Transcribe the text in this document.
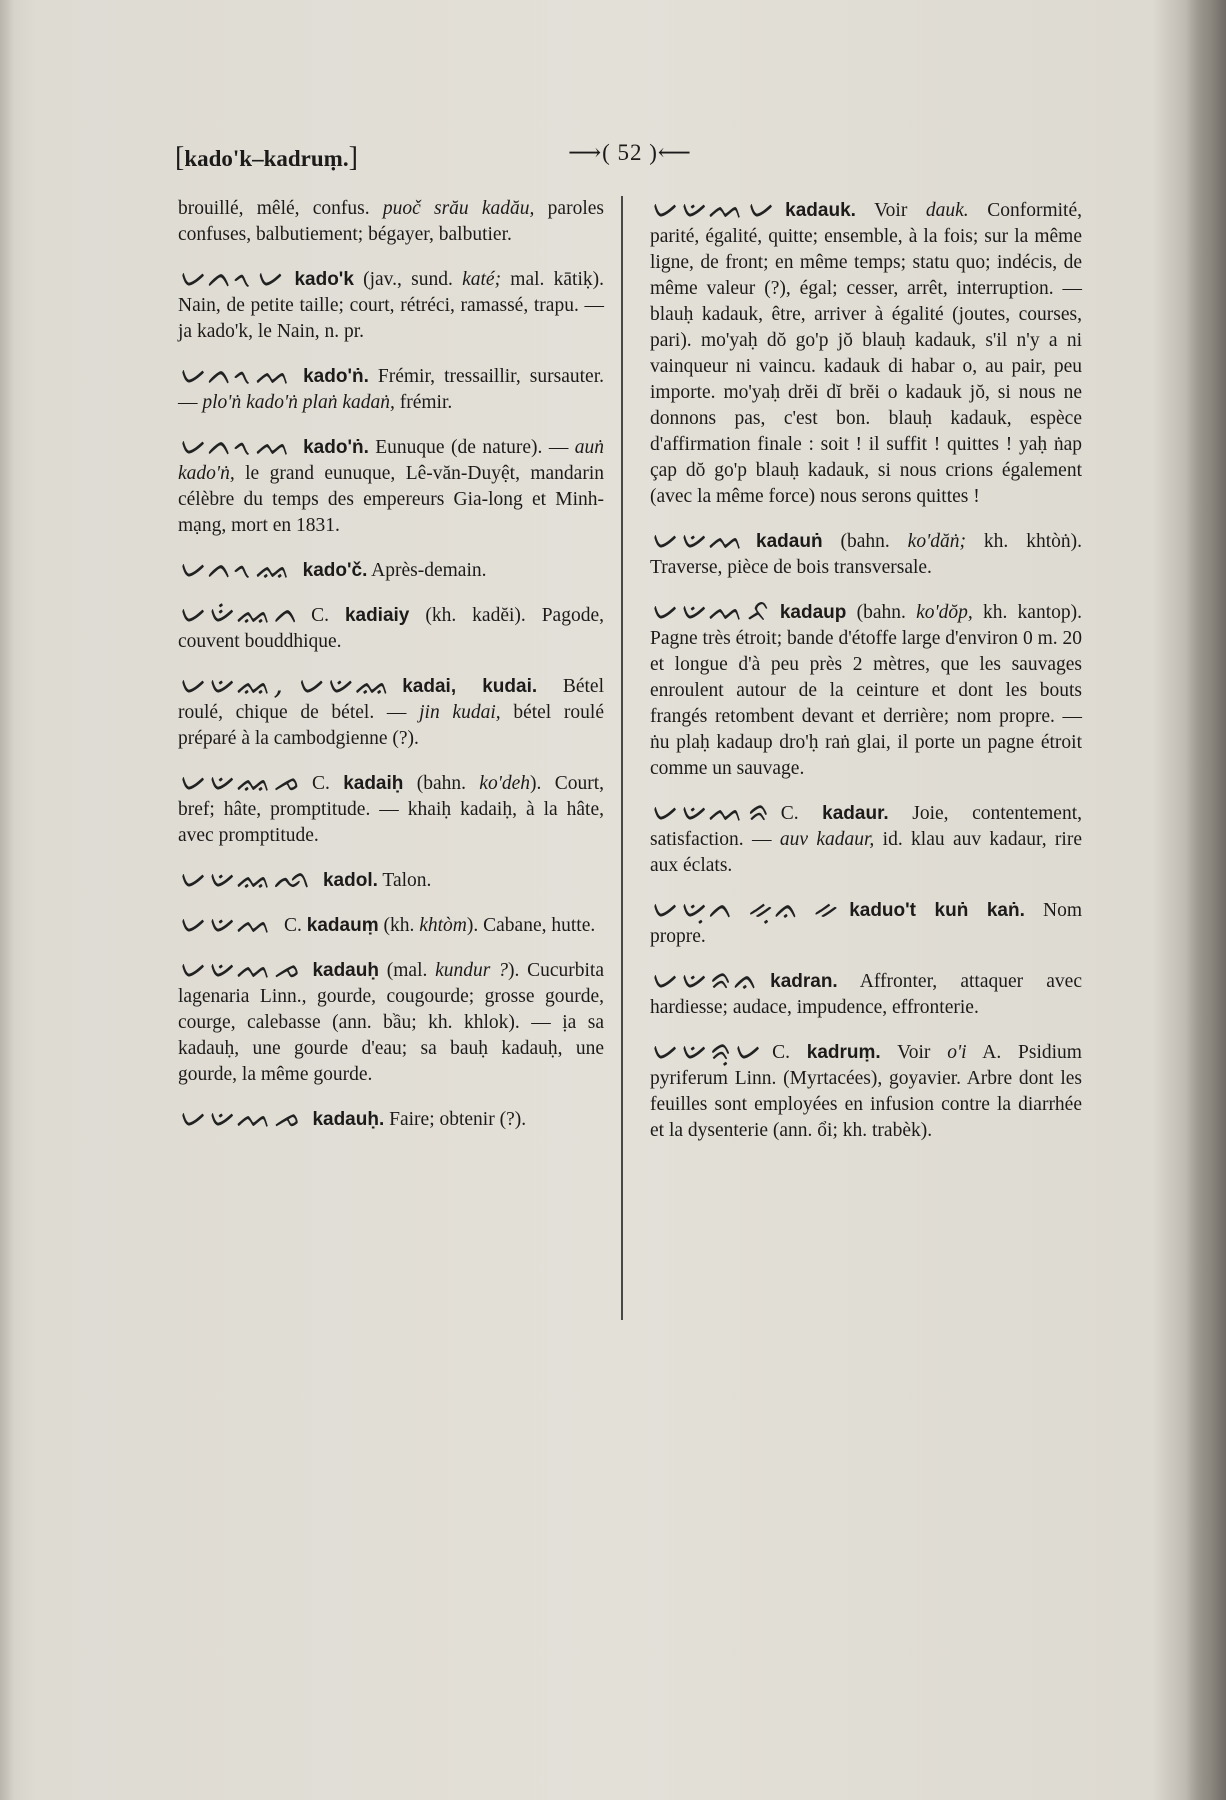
[kado'k–kadruṃ.]	⟶( 52 )⟵

brouillé, mêlé, confus. puoč srău kadău, paroles confuses, balbutiement; bégayer, balbutier.

ᨆᨈᨚᨆ kado'k (jav., sund. katé; mal. kātiḳ). Nain, de petite taille; court, rétréci, ramassé, trapu. — ja kado'k, le Nain, n. pr.

ᨆᨈᨚᨓ kado'ṅ. Frémir, tressaillir, sursauter. — plo'ṅ kado'ṅ plaṅ kadaṅ, frémir.

ᨆᨈᨚᨓ kado'ṅ. Eunuque (de nature). — auṅ kado'ṅ, le grand eunuque, Lê-văn-Duyệt, mandarin célèbre du temps des empereurs Gia-long et Minh-mạng, mort en 1831.

ᨆᨈᨚᨐ kado'č. Après-demain.

ᨆᨉᨗᨐᨈ C. kadiaiy (kh. kadĕi). Pagode, couvent bouddhique.

ᨆᨉᨐ, ᨆᨉᨐ kadai, kudai. Bétel roulé, chique de bétel. — jin kudai, bétel roulé préparé à la cambodgienne (?).

ᨆᨉᨐᨍ C. kadaiḥ (bahn. ko'deh). Court, bref; hâte, promptitude. — khaiḥ kadaiḥ, à la hâte, avec promptitude.

ᨆᨉᨐᨒ kadol. Talon.

ᨆᨉᨓ C. kadauṃ (kh. khtòm). Cabane, hutte.

ᨆᨉᨓᨍ kadauḥ (mal. kundur ?). Cucurbita lagenaria Linn., gourde, cougourde; grosse gourde, courge, calebasse (ann. bầu; kh. khlok). — ịa sa kadauḥ, une gourde d'eau; sa bauḥ kadauḥ, une gourde, la même gourde.

ᨆᨉᨓᨍ kadauḥ. Faire; obtenir (?).

ᨆᨉᨓᨆ kadauk. Voir dauk. Conformité, parité, égalité, quitte; ensemble, à la fois; sur la même ligne, de front; en même temps; statu quo; indécis, de même valeur (?), égal; cesser, arrêt, interruption. — blauḥ kadauk, être, arriver à égalité (joutes, courses, pari). mo'yaḥ dŏ go'p jŏ blauḥ kadauk, s'il n'y a ni vainqueur ni vaincu. kadauk di habar o, au pair, peu importe. mo'yaḥ drĕi dĭ brĕi o kadauk jŏ, si nous ne donnons pas, c'est bon. blauḥ kadauk, espèce d'affirmation finale : soit ! il suffit ! quittes ! yaḥ ṅap çap dŏ go'p blauḥ kadauk, si nous crions également (avec la même force) nous serons quittes !

ᨆᨉᨓ kadauṅ (bahn. ko'dăṅ; kh. khtòṅ). Traverse, pièce de bois transversale.

ᨆᨉᨓᨅ kadaup (bahn. ko'dŏp, kh. kantop). Pagne très étroit; bande d'étoffe large d'environ 0 m. 20 et longue d'à peu près 2 mètres, que les sauvages enroulent autour de la ceinture et dont les bouts frangés retombent devant et derrière; nom propre. — ṅu plaḥ kadaup dro'ḥ raṅ glai, il porte un pagne étroit comme un sauvage.

ᨆᨉᨓᨑ C. kadaur. Joie, contentement, satisfaction. — auv kadaur, id. klau auv kadaur, rire aux éclats.

ᨆᨉᨘᨈ ᨀᨘᨊ ᨀ kaduo't kuṅ kaṅ. Nom propre.

ᨆᨉᨑᨊ kadran. Affronter, attaquer avec hardiesse; audace, impudence, effronterie.

ᨆᨉᨑᨘᨆ C. kadruṃ. Voir o'i A. Psidium pyriferum Linn. (Myrtacées), goyavier. Arbre dont les feuilles sont employées en infusion contre la diarrhée et la dysenterie (ann. ổi; kh. trabèk).
